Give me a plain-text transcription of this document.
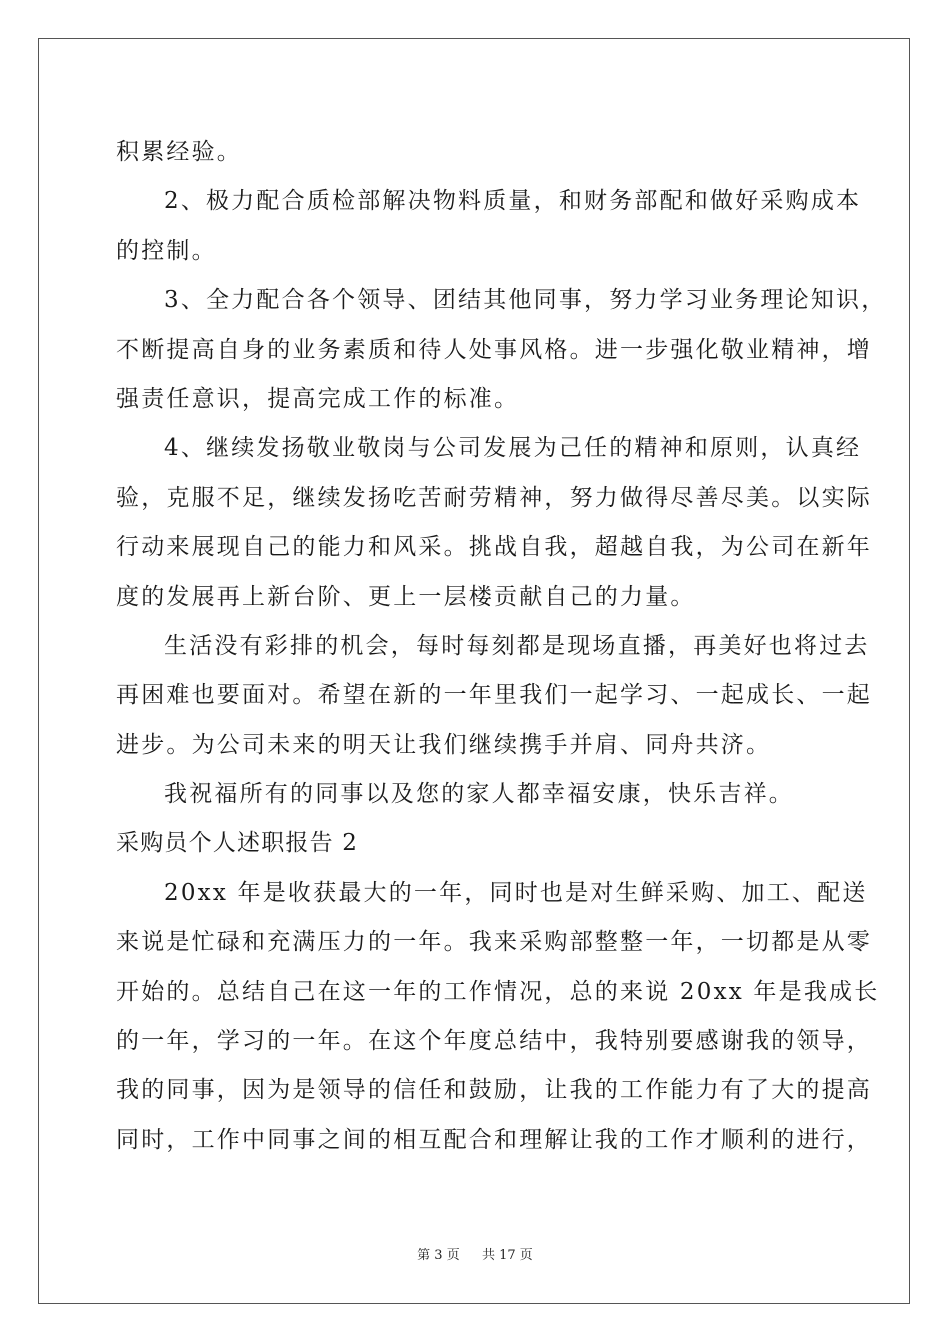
积累经验。
2、极力配合质检部解决物料质量，和财务部配和做好采购成本
的控制。
3、全力配合各个领导、团结其他同事，努力学习业务理论知识，
不断提高自身的业务素质和待人处事风格。进一步强化敬业精神，增
强责任意识，提高完成工作的标准。
4、继续发扬敬业敬岗与公司发展为己任的精神和原则，认真经
验，克服不足，继续发扬吃苦耐劳精神，努力做得尽善尽美。以实际
行动来展现自己的能力和风采。挑战自我，超越自我，为公司在新年
度的发展再上新台阶、更上一层楼贡献自己的力量。
生活没有彩排的机会，每时每刻都是现场直播，再美好也将过去
再困难也要面对。希望在新的一年里我们一起学习、一起成长、一起
进步。为公司未来的明天让我们继续携手并肩、同舟共济。
我祝福所有的同事以及您的家人都幸福安康，快乐吉祥。
采购员个人述职报告 2
20xx 年是收获最大的一年，同时也是对生鲜采购、加工、配送
来说是忙碌和充满压力的一年。我来采购部整整一年，一切都是从零
开始的。总结自己在这一年的工作情况，总的来说 20xx 年是我成长
的一年，学习的一年。在这个年度总结中，我特别要感谢我的领导，
我的同事，因为是领导的信任和鼓励，让我的工作能力有了大的提高
同时，工作中同事之间的相互配合和理解让我的工作才顺利的进行，
第 3 页 共 17 页
